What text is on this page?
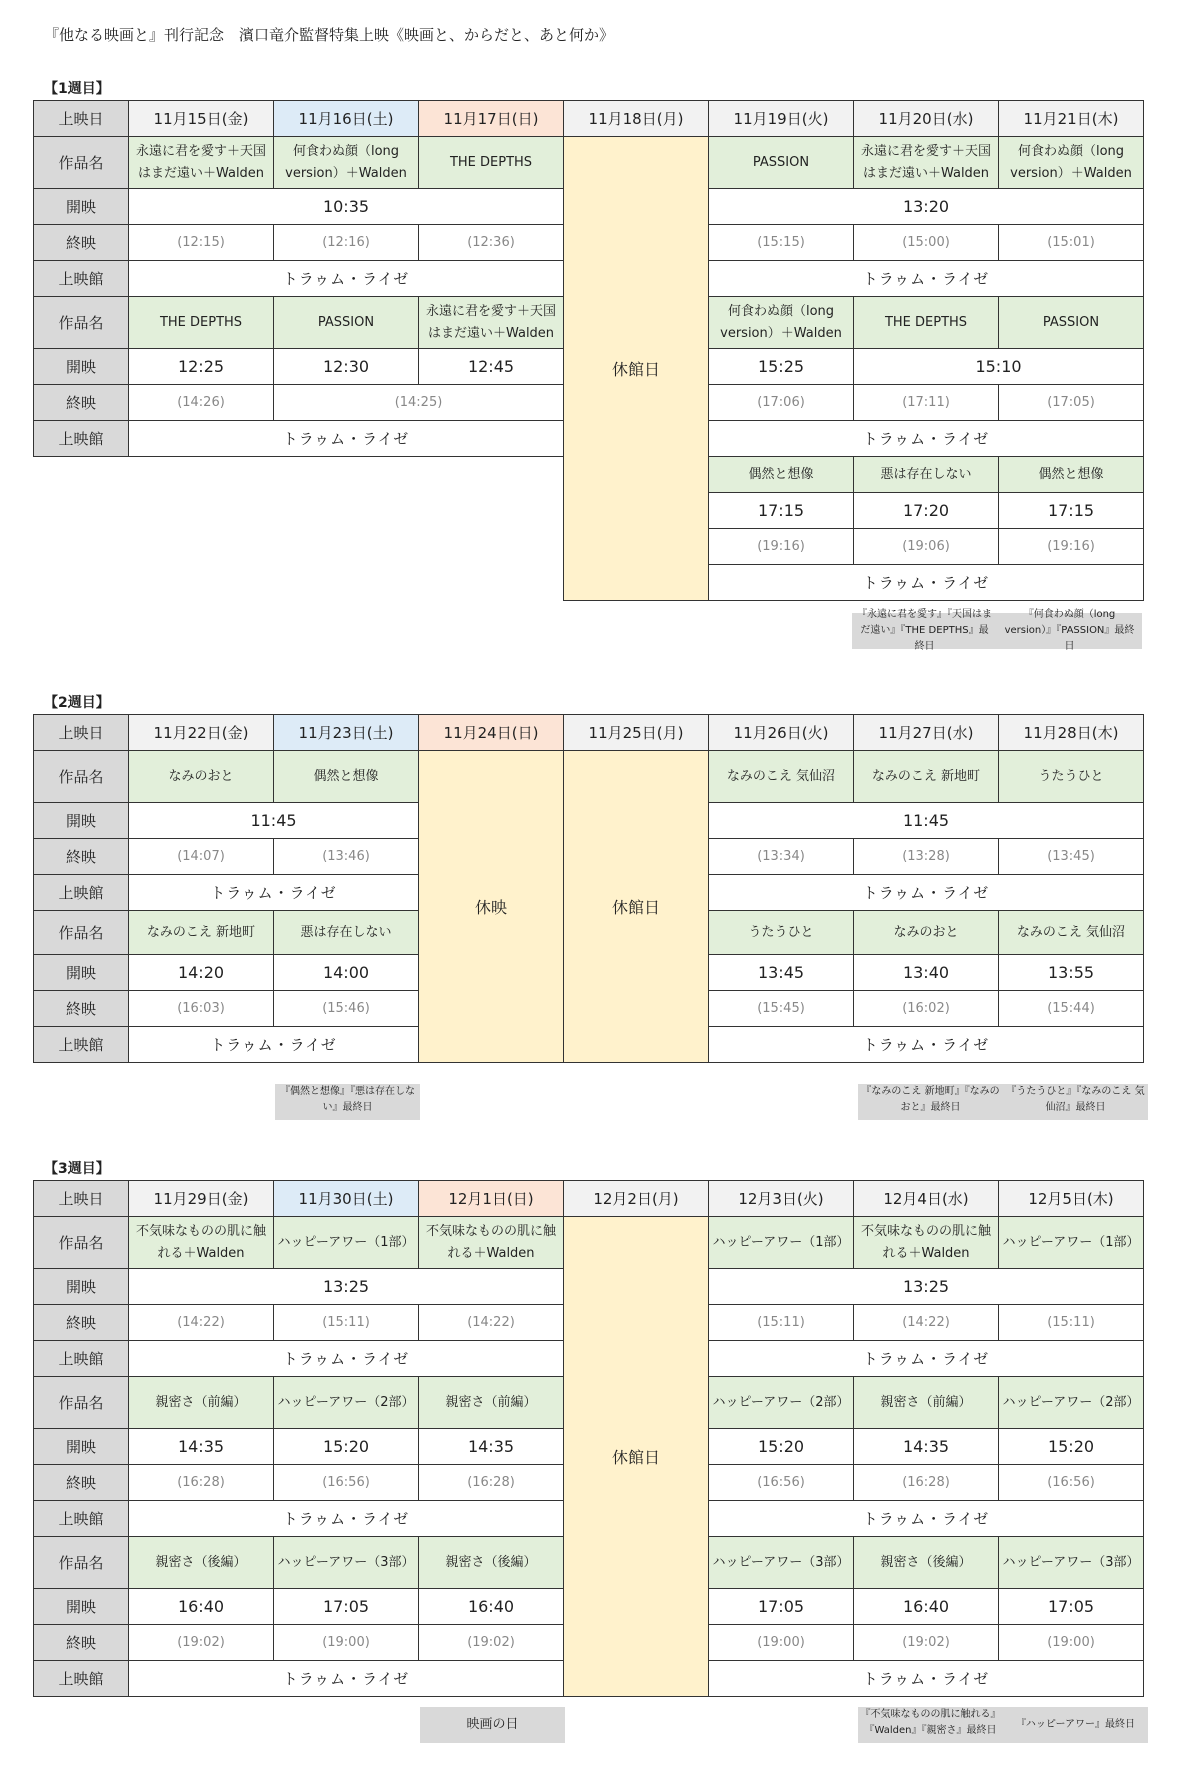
『他なる映画と』刊行記念　濱口竜介監督特集上映《映画と、からだと、あと何か》
【1週目】
上映日	11月15日(金)	11月16日(土)	11月17日(日)	11月18日(月)	11月19日(火)	11月20日(水)	11月21日(木)
作品名	永遠に君を愛す＋天国はまだ遠い＋Walden	何食わぬ顔（long version）＋Walden	THE DEPTHS	休館日	PASSION	永遠に君を愛す＋天国はまだ遠い＋Walden	何食わぬ顔（long version）＋Walden
開映	10:35				13:20		
終映	(12:15)	(12:16)	(12:36)		(15:15)	(15:00)	(15:01)
上映館	トラゥム・ライゼ				トラゥム・ライゼ		
作品名	THE DEPTHS	PASSION	永遠に君を愛す＋天国はまだ遠い＋Walden		何食わぬ顔（long version）＋Walden	THE DEPTHS	PASSION
開映	12:25	12:30	12:45		15:25	15:10	
終映	(14:26)	(14:25)			(17:06)	(17:11)	(17:05)
上映館	トラゥム・ライゼ				トラゥム・ライゼ		
					偶然と想像	悪は存在しない	偶然と想像
					17:15	17:20	17:15
					(19:16)	(19:06)	(19:16)
					トラゥム・ライゼ		
『永遠に君を愛す』『天国はまだ遠い』『THE DEPTHS』最終日
『何食わぬ顔（long version）』『PASSION』最終日
【2週目】
上映日	11月22日(金)	11月23日(土)	11月24日(日)	11月25日(月)	11月26日(火)	11月27日(水)	11月28日(木)
作品名	なみのおと	偶然と想像	休映	休館日	なみのこえ 気仙沼	なみのこえ 新地町	うたうひと
開映	11:45				11:45		
終映	(14:07)	(13:46)			(13:34)	(13:28)	(13:45)
上映館	トラゥム・ライゼ				トラゥム・ライゼ		
作品名	なみのこえ 新地町	悪は存在しない			うたうひと	なみのおと	なみのこえ 気仙沼
開映	14:20	14:00			13:45	13:40	13:55
終映	(16:03)	(15:46)			(15:45)	(16:02)	(15:44)
上映館	トラゥム・ライゼ				トラゥム・ライゼ		
『偶然と想像』『悪は存在しない』最終日
『なみのこえ 新地町』『なみのおと』最終日
『うたうひと』『なみのこえ 気仙沼』最終日
【3週目】
上映日	11月29日(金)	11月30日(土)	12月1日(日)	12月2日(月)	12月3日(火)	12月4日(水)	12月5日(木)
作品名	不気味なものの肌に触れる＋Walden	ハッピーアワー（1部）	不気味なものの肌に触れる＋Walden	休館日	ハッピーアワー（1部）	不気味なものの肌に触れる＋Walden	ハッピーアワー（1部）
開映	13:25				13:25		
終映	(14:22)	(15:11)	(14:22)		(15:11)	(14:22)	(15:11)
上映館	トラゥム・ライゼ				トラゥム・ライゼ		
作品名	親密さ（前編）	ハッピーアワー（2部）	親密さ（前編）		ハッピーアワー（2部）	親密さ（前編）	ハッピーアワー（2部）
開映	14:35	15:20	14:35		15:20	14:35	15:20
終映	(16:28)	(16:56)	(16:28)		(16:56)	(16:28)	(16:56)
上映館	トラゥム・ライゼ				トラゥム・ライゼ		
作品名	親密さ（後編）	ハッピーアワー（3部）	親密さ（後編）		ハッピーアワー（3部）	親密さ（後編）	ハッピーアワー（3部）
開映	16:40	17:05	16:40		17:05	16:40	17:05
終映	(19:02)	(19:00)	(19:02)		(19:00)	(19:02)	(19:00)
上映館	トラゥム・ライゼ				トラゥム・ライゼ		
映画の日
『不気味なものの肌に触れる』『Walden』『親密さ』最終日
『ハッピーアワー』最終日
